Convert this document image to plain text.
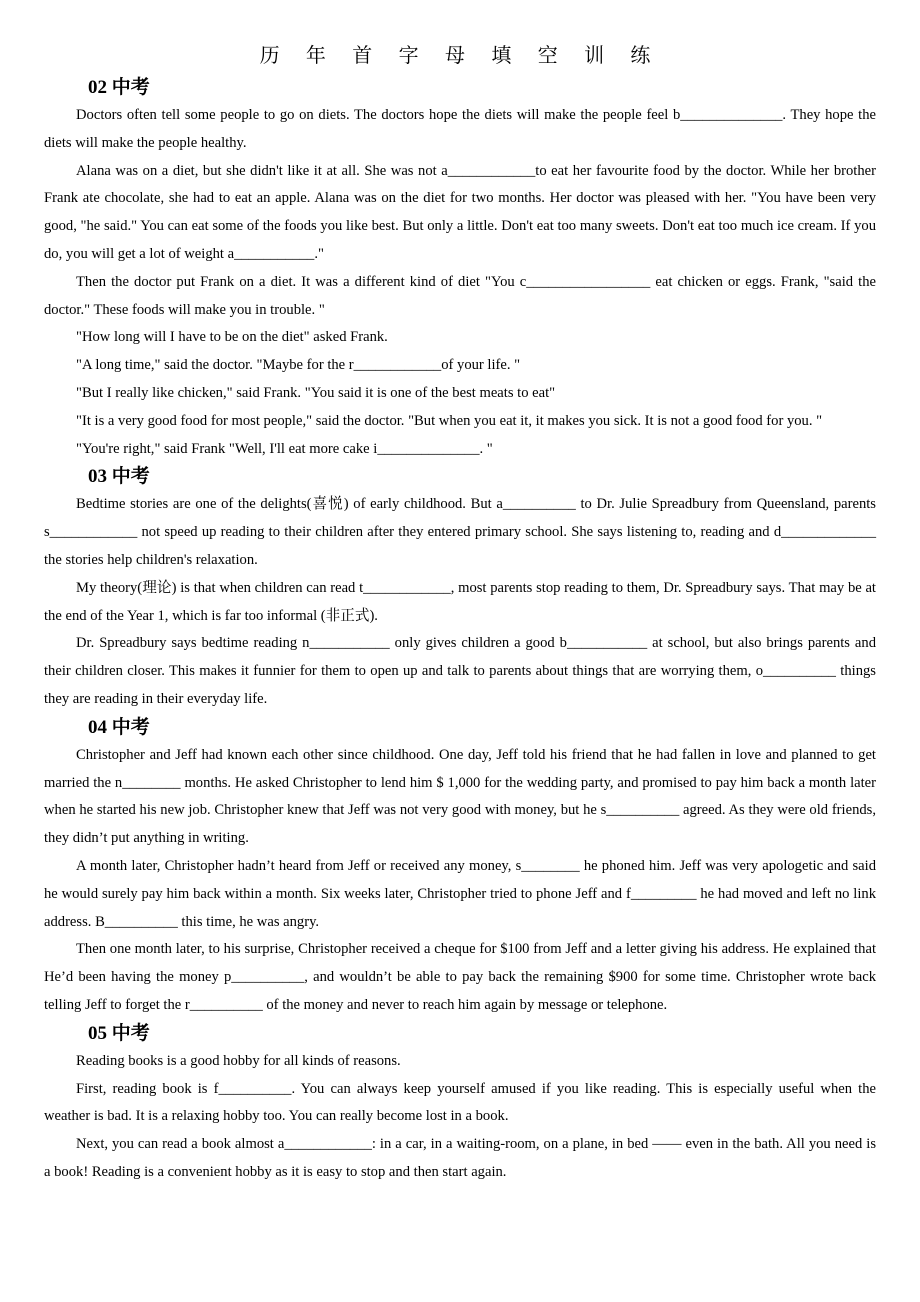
历 年 首 字 母 填 空 训 练
02 中考

Doctors often tell some people to go on diets. The doctors hope the diets will make the people feel b______________. They hope the diets will make the people healthy.

Alana was on a diet, but she didn't like it at all. She was not a____________to eat her favourite food by the doctor. While her brother Frank ate chocolate, she had to eat an apple. Alana was on the diet for two months. Her doctor was pleased with her. "You have been very good, "he said." You can eat some of the foods you like best. But only a little. Don't eat too many sweets. Don't eat too much ice cream. If you do, you will get a lot of weight a___________."

Then the doctor put Frank on a diet. It was a different kind of diet "You c_________________ eat chicken or eggs. Frank, "said the doctor." These foods will make you in trouble. "

"How long will I have to be on the diet" asked Frank.

"A long time," said the doctor. "Maybe for the r____________of your life. "

"But I really like chicken," said Frank. "You said it is one of the best meats to eat"

"It is a very good food for most people," said the doctor. "But when you eat it, it makes you sick. It is not a good food for you. "

"You're right," said Frank "Well, I'll eat more cake i______________. "

03 中考

Bedtime stories are one of the delights(喜悦) of early childhood. But a__________ to Dr. Julie Spreadbury from Queensland, parents s____________ not speed up reading to their children after they entered primary school. She says listening to, reading and d_____________ the stories help children's relaxation.

My theory(理论) is that when children can read t____________, most parents stop reading to them, Dr. Spreadbury says. That may be at the end of the Year 1, which is far too informal (非正式).

Dr. Spreadbury says bedtime reading n___________ only gives children a good b___________ at school, but also brings parents and their children closer. This makes it funnier for them to open up and talk to parents about things that are worrying them, o__________ things they are reading in their everyday life.

04 中考

Christopher and Jeff had known each other since childhood. One day, Jeff told his friend that he had fallen in love and planned to get married the n________ months. He asked Christopher to lend him $ 1,000 for the wedding party, and promised to pay him back a month later when he started his new job. Christopher knew that Jeff was not very good with money, but he s__________ agreed. As they were old friends, they didn’t put anything in writing.

A month later, Christopher hadn’t heard from Jeff or received any money, s________ he phoned him. Jeff was very apologetic and said he would surely pay him back within a month. Six weeks later, Christopher tried to phone Jeff and f_________ he had moved and left no link address. B__________ this time, he was angry.

Then one month later, to his surprise, Christopher received a cheque for $100 from Jeff and a letter giving his address. He explained that He’d been having the money p__________, and wouldn’t be able to pay back the remaining $900 for some time. Christopher wrote back telling Jeff to forget the r__________ of the money and never to reach him again by message or telephone.

05 中考

Reading books is a good hobby for all kinds of reasons.

First, reading book is f__________. You can always keep yourself amused if you like reading. This is especially useful when the weather is bad. It is a relaxing hobby too. You can really become lost in a book.

Next, you can read a book almost a____________: in a car, in a waiting-room, on a plane, in bed —— even in the bath. All you need is a book! Reading is a convenient hobby as it is easy to stop and then start again.
